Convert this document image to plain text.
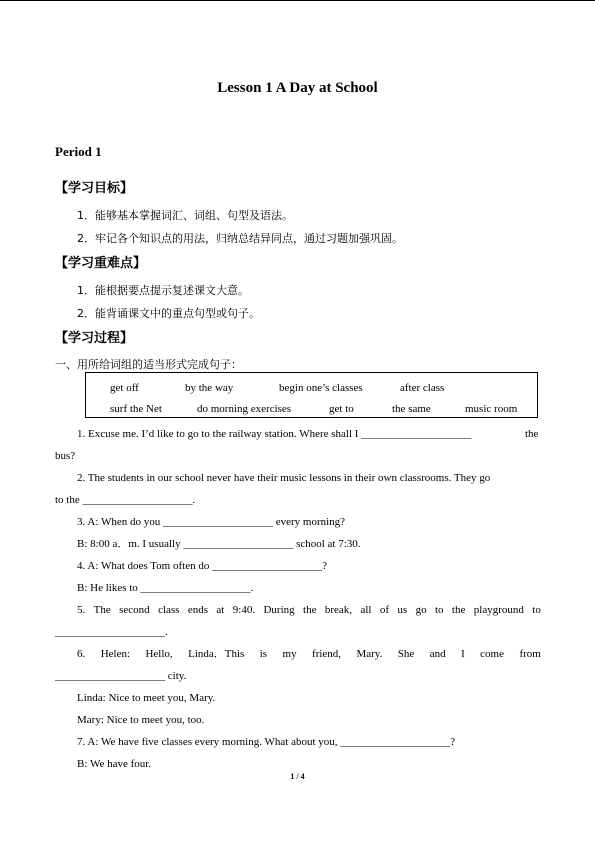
Lesson 1 A Day at School
Period 1
【学习目标】
1．能够基本掌握词汇、词组、句型及语法。
2．牢记各个知识点的用法，归纳总结异同点，通过习题加强巩固。
【学习重难点】
1．能根据要点提示复述课文大意。
2．能背诵课文中的重点句型或句子。
【学习过程】
一、用所给词组的适当形式完成句子：
get off	by the way	begin one’s classes	after class
surf the Net	do morning exercises	get to	the same	music room
1. Excuse me. I’d like to go to the railway station. Where shall I ____________________	the
bus?
2. The students in our school never have their music lessons in their own classrooms. They go
to the ____________________.
3. A: When do you ____________________ every morning?
B: 8:00 a．m. I usually ____________________ school at 7:30.
4. A: What does Tom often do ____________________?
B: He likes to ____________________.
5. The second class ends at 9:40. During the break, all of us go to the playground to
____________________.
6. Helen: Hello, Linda．This is my friend, Mary. She and I come from
____________________ city.
Linda: Nice to meet you, Mary.
Mary: Nice to meet you, too.
7. A: We have five classes every morning. What about you, ____________________?
B: We have four.
1 / 4
